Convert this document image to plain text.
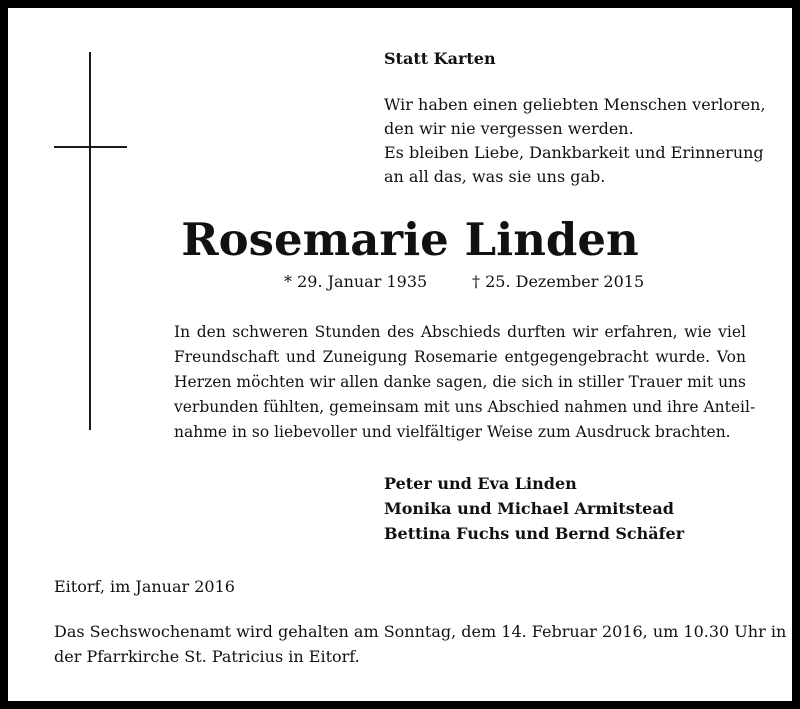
Statt Karten

Wir haben einen geliebten Menschen verloren,
den wir nie vergessen werden.
Es bleiben Liebe, Dankbarkeit und Erinnerung
an all das, was sie uns gab.
Rosemarie Linden

* 29. Januar 1935	† 25. Dezember 2015

In den schweren Stunden des Abschieds durften wir erfahren, wie viel
Freundschaft und Zuneigung Rosemarie entgegengebracht wurde. Von
Herzen möchten wir allen danke sagen, die sich in stiller Trauer mit uns
verbunden fühlten, gemeinsam mit uns Abschied nahmen und ihre Anteil-
nahme in so liebevoller und vielfältiger Weise zum Ausdruck brachten.
Peter und Eva Linden
Monika und Michael Armitstead
Bettina Fuchs und Bernd Schäfer

Eitorf, im Januar 2016

Das Sechswochenamt wird gehalten am Sonntag, dem 14. Februar 2016, um 10.30 Uhr in
der Pfarrkirche St. Patricius in Eitorf.
